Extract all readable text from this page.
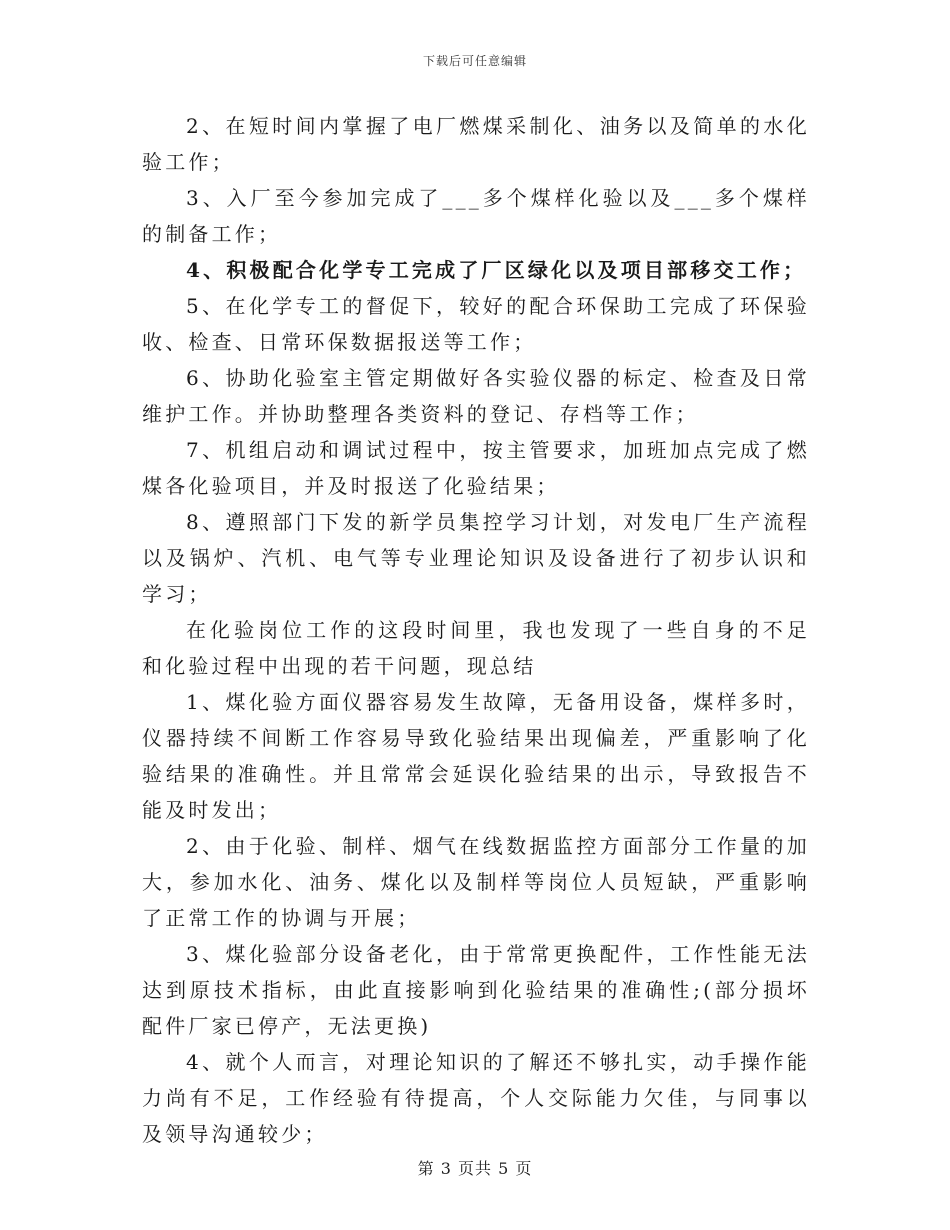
下载后可任意编辑

2、在短时间内掌握了电厂燃煤采制化、油务以及简单的水化验工作；

3、入厂至今参加完成了___多个煤样化验以及___多个煤样的制备工作；

4、积极配合化学专工完成了厂区绿化以及项目部移交工作；

5、在化学专工的督促下，较好的配合环保助工完成了环保验收、检查、日常环保数据报送等工作；

6、协助化验室主管定期做好各实验仪器的标定、检查及日常维护工作。并协助整理各类资料的登记、存档等工作；

7、机组启动和调试过程中，按主管要求，加班加点完成了燃煤各化验项目，并及时报送了化验结果；

8、遵照部门下发的新学员集控学习计划，对发电厂生产流程以及锅炉、汽机、电气等专业理论知识及设备进行了初步认识和学习；

在化验岗位工作的这段时间里，我也发现了一些自身的不足和化验过程中出现的若干问题，现总结

1、煤化验方面仪器容易发生故障，无备用设备，煤样多时，仪器持续不间断工作容易导致化验结果出现偏差，严重影响了化验结果的准确性。并且常常会延误化验结果的出示，导致报告不能及时发出；

2、由于化验、制样、烟气在线数据监控方面部分工作量的加大，参加水化、油务、煤化以及制样等岗位人员短缺，严重影响了正常工作的协调与开展；

3、煤化验部分设备老化，由于常常更换配件，工作性能无法达到原技术指标，由此直接影响到化验结果的准确性;(部分损坏配件厂家已停产，无法更换)

4、就个人而言，对理论知识的了解还不够扎实，动手操作能力尚有不足，工作经验有待提高，个人交际能力欠佳，与同事以及领导沟通较少；

第 3 页共 5 页
